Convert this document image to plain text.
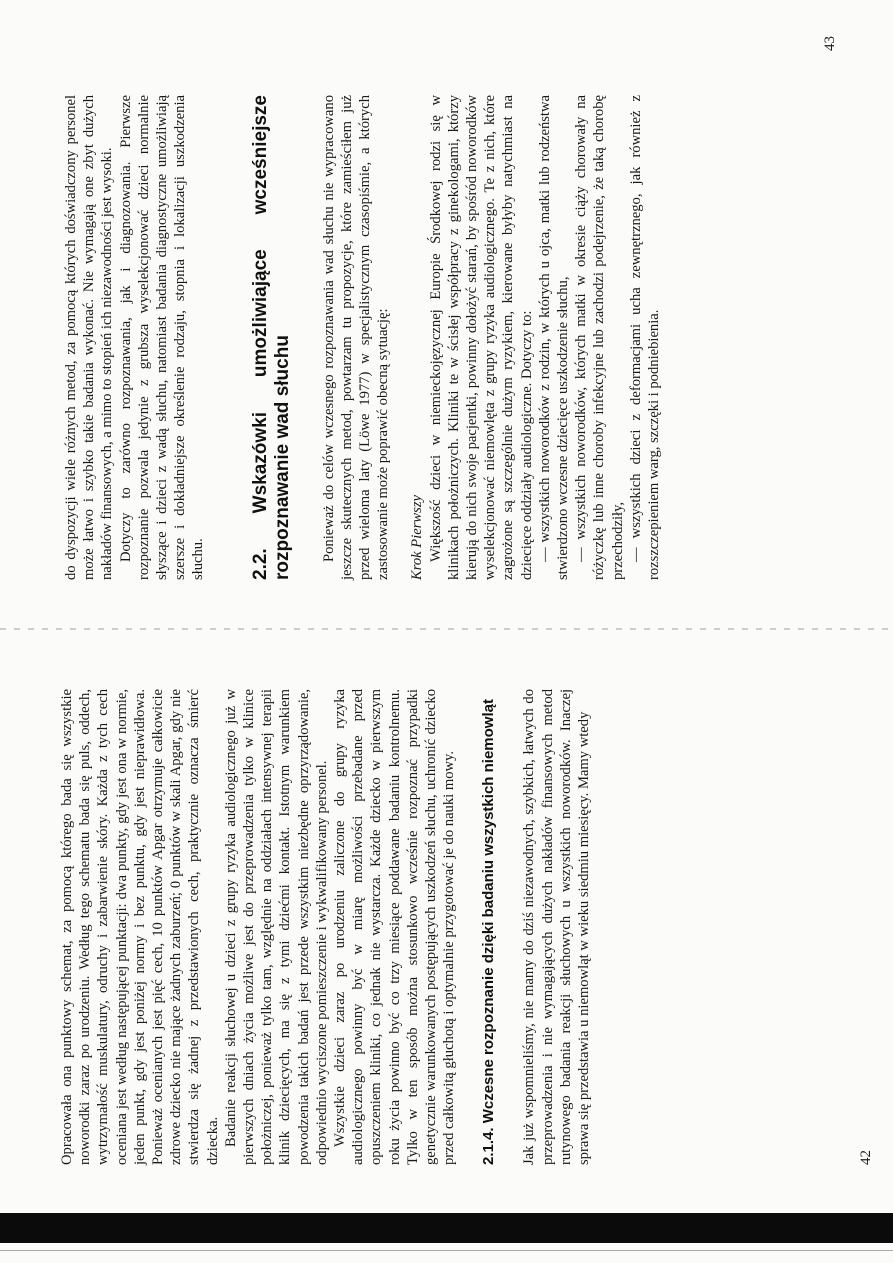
Opracowała ona punktowy schemat, za pomocą którego bada się wszystkie noworodki zaraz po urodzeniu. Według tego schematu bada się puls, oddech, wytrzymałość muskulatury, odruchy i zabarwienie skóry. Każda z tych cech oceniana jest według następującej punktacji: dwa punkty, gdy jest ona w normie, jeden punkt, gdy jest poniżej normy i bez punktu, gdy jest nieprawidłowa. Ponieważ ocenianych jest pięć cech, 10 punktów Apgar otrzymuje całkowicie zdrowe dziecko nie mające żadnych zaburzeń; 0 punktów w skali Apgar, gdy nie stwierdza się żadnej z przedstawionych cech, praktycznie oznacza śmierć dziecka. Badanie reakcji słuchowej u dzieci z grupy ryzyka audiologicznego już w pierwszych dniach życia możliwe jest do przeprowadzenia tylko w klinice położniczej, ponieważ tylko tam, względnie na oddziałach intensywnej terapii klinik dziecięcych, ma się z tymi dziećmi kontakt. Istotnym warunkiem powodzenia takich badań jest przede wszystkim niezbędne oprzyrządowanie, odpowiednio wyciszone pomieszczenie i wykwalifikowany personel. Wszystkie dzieci zaraz po urodzeniu zaliczone do grupy ryzyka audiologicznego powinny być w miarę możliwości przebadane przed opuszczeniem kliniki, co jednak nie wystarcza. Każde dziecko w pierwszym roku życia powinno być co trzy miesiące poddawane badaniu kontrolnemu. Tylko w ten sposób można stosunkowo wcześnie rozpoznać przypadki genetycznie warunkowanych postępujących uszkodzeń słuchu, uchronić dziecko przed całkowitą głuchotą i optymalnie przygotować je do nauki mowy. 2.1.4. Wczesne rozpoznanie dzięki badaniu wszystkich niemowląt Jak już wspomnieliśmy, nie mamy do dziś niezawodnych, szybkich, łatwych do przeprowadzenia i nie wymagających dużych nakładów finansowych metod rutynowego badania reakcji słuchowych u wszystkich noworodków. Inaczej sprawa się przedstawia u niemowląt w wieku siedmiu miesięcy. Mamy wtedy	42

do dyspozycji wiele różnych metod, za pomocą których doświadczony personel może łatwo i szybko takie badania wykonać. Nie wymagają one zbyt dużych nakładów finansowych, a mimo to stopień ich niezawodności jest wysoki. Dotyczy to zarówno rozpoznawania, jak i diagnozowania. Pierwsze rozpoznanie pozwala jedynie z grubsza wyselekcjonować dzieci normalnie słyszące i dzieci z wadą słuchu, natomiast badania diagnostyczne umożliwiają szersze i dokładniejsze określenie rodzaju, stopnia i lokalizacji uszkodzenia słuchu. 2.2. Wskazówki umożliwiające wcześniejsze rozpoznawanie wad słuchu Ponieważ do celów wczesnego rozpoznawania wad słuchu nie wypracowano jeszcze skutecznych metod, powtarzam tu propozycje, które zamieściłem już przed wieloma laty (Löwe 1977) w specjalistycznym czasopiśmie, a których zastosowanie może poprawić obecną sytuację: Krok Pierwszy Większość dzieci w niemieckojęzycznej Europie Środkowej rodzi się w klinikach położniczych. Kliniki te w ścisłej współpracy z ginekologami, którzy kierują do nich swoje pacjentki, powinny dołożyć starań, by spośród noworodków wyselekcjonować niemowlęta z grupy ryzyka audiologicznego. Te z nich, które zagrożone są szczególnie dużym ryzykiem, kierowane byłyby natychmiast na dziecięce oddziały audiologiczne. Dotyczy to: — wszystkich noworodków z rodzin, w których u ojca, matki lub rodzeństwa stwierdzono wczesne dziecięce uszkodzenie słuchu, — wszystkich noworodków, których matki w okresie ciąży chorowały na różyczkę lub inne choroby infekcyjne lub zachodzi podejrzenie, że taką chorobę przechodziły, — wszystkich dzieci z deformacjami ucha zewnętrznego, jak również z rozszczepieniem warg, szczęki i podniebienia.

43
